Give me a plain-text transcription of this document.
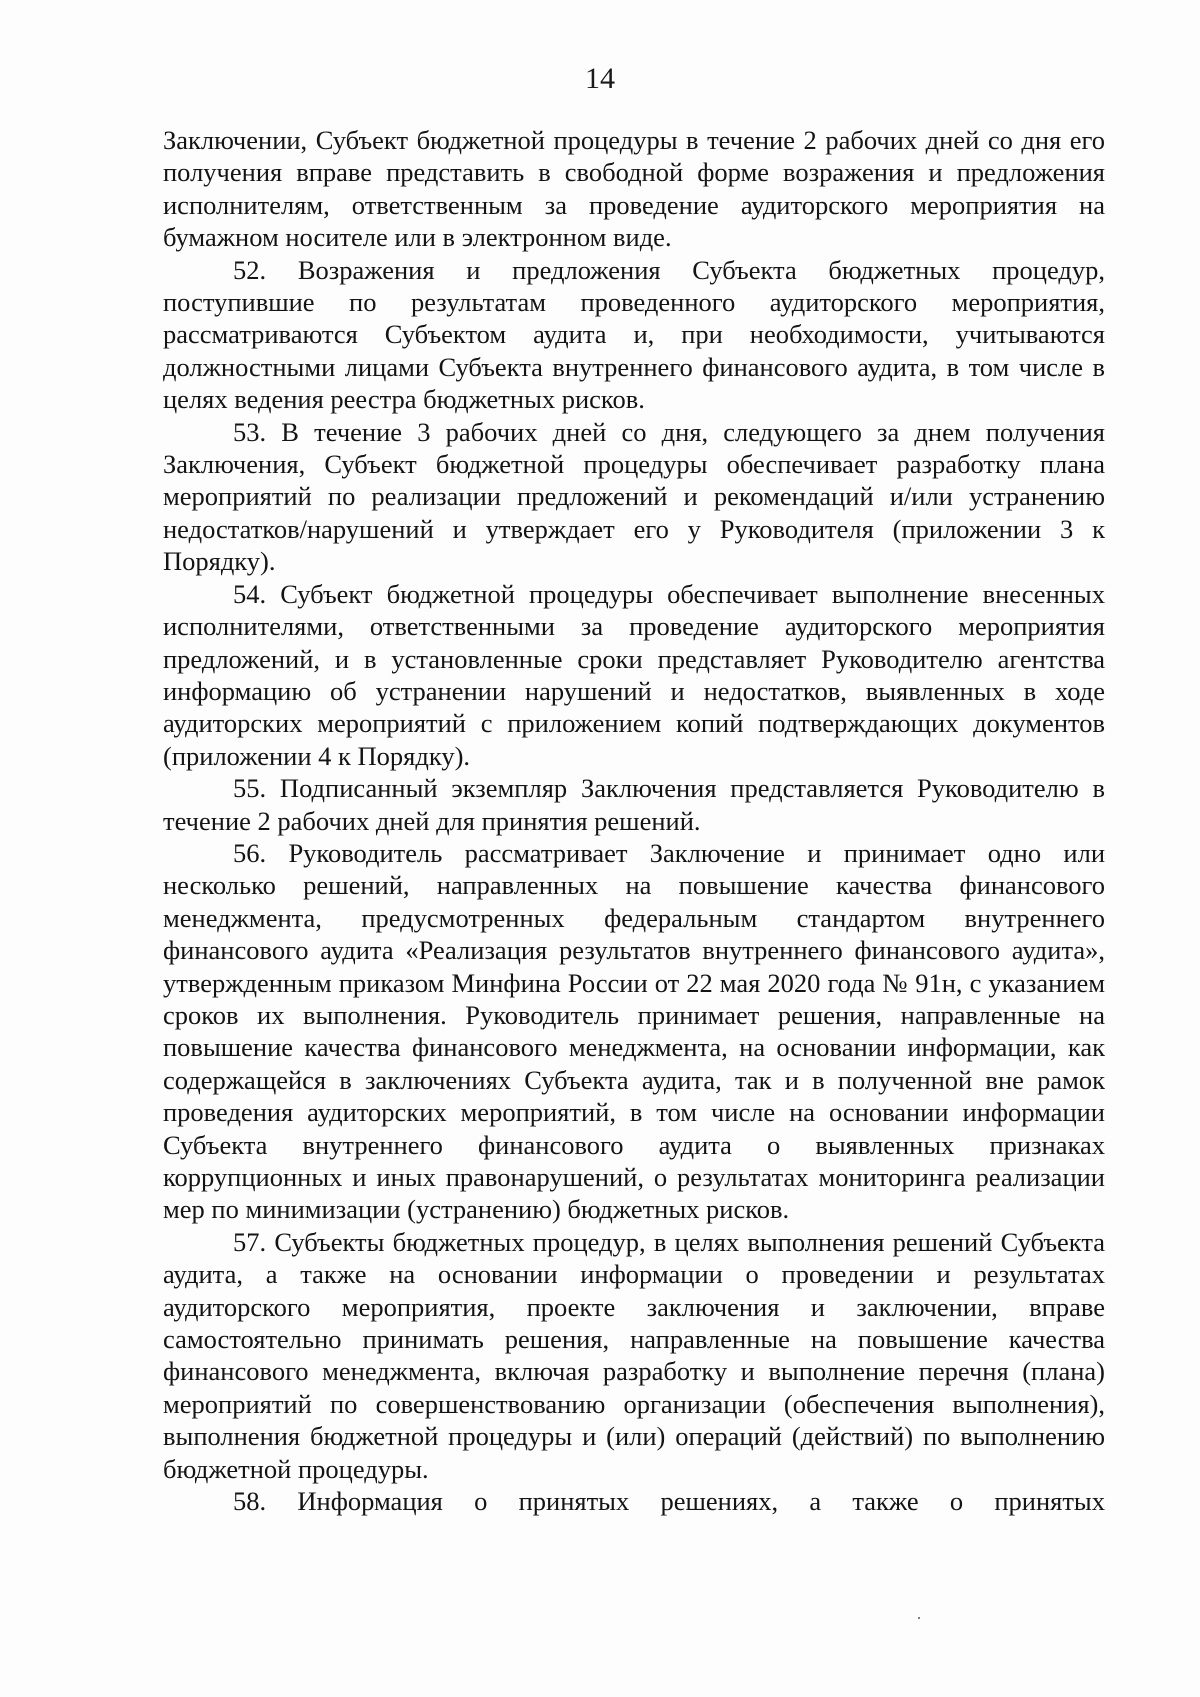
14

Заключении, Субъект бюджетной процедуры в течение 2 рабочих дней со дня его получения вправе представить в свободной форме возражения и предложения исполнителям, ответственным за проведение аудиторского мероприятия на бумажном носителе или в электронном виде.

52. Возражения и предложения Субъекта бюджетных процедур, поступившие по результатам проведенного аудиторского мероприятия, рассматриваются Субъектом аудита и, при необходимости, учитываются должностными лицами Субъекта внутреннего финансового аудита, в том числе в целях ведения реестра бюджетных рисков.

53. В течение 3 рабочих дней со дня, следующего за днем получения Заключения, Субъект бюджетной процедуры обеспечивает разработку плана мероприятий по реализации предложений и рекомендаций и/или устранению недостатков/нарушений и утверждает его у Руководителя (приложении 3 к Порядку).

54. Субъект бюджетной процедуры обеспечивает выполнение внесенных исполнителями, ответственными за проведение аудиторского мероприятия предложений, и в установленные сроки представляет Руководителю агентства информацию об устранении нарушений и недостатков, выявленных в ходе аудиторских мероприятий с приложением копий подтверждающих документов (приложении 4 к Порядку).

55. Подписанный экземпляр Заключения представляется Руководителю в течение 2 рабочих дней для принятия решений.

56. Руководитель рассматривает Заключение и принимает одно или несколько решений, направленных на повышение качества финансового менеджмента, предусмотренных федеральным стандартом внутреннего финансового аудита «Реализация результатов внутреннего финансового аудита», утвержденным приказом Минфина России от 22 мая 2020 года № 91н, с указанием сроков их выполнения. Руководитель принимает решения, направленные на повышение качества финансового менеджмента, на основании информации, как содержащейся в заключениях Субъекта аудита, так и в полученной вне рамок проведения аудиторских мероприятий, в том числе на основании информации Субъекта внутреннего финансового аудита о выявленных признаках коррупционных и иных правонарушений, о результатах мониторинга реализации мер по минимизации (устранению) бюджетных рисков.

57. Субъекты бюджетных процедур, в целях выполнения решений Субъекта аудита, а также на основании информации о проведении и результатах аудиторского мероприятия, проекте заключения и заключении, вправе самостоятельно принимать решения, направленные на повышение качества финансового менеджмента, включая разработку и выполнение перечня (плана) мероприятий по совершенствованию организации (обеспечения выполнения), выполнения бюджетной процедуры и (или) операций (действий) по выполнению бюджетной процедуры.

58. Информация о принятых решениях, а также о принятых
